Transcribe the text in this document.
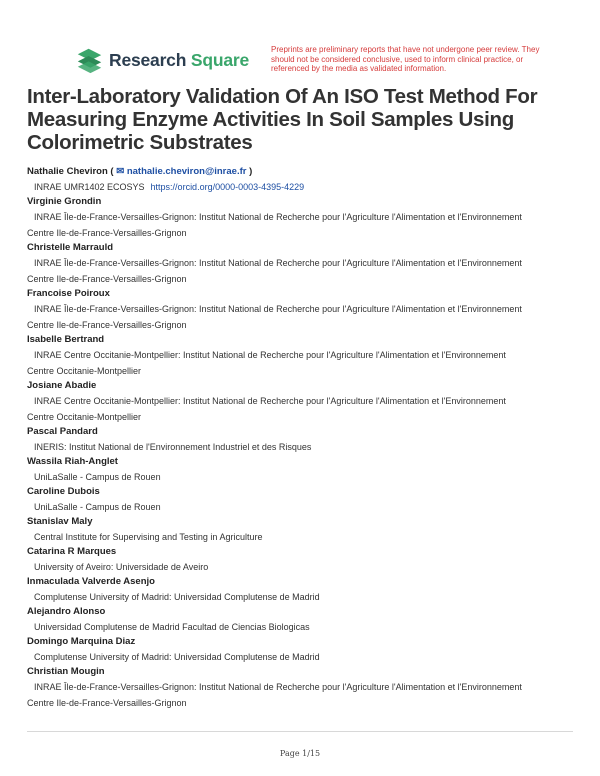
Research Square
Preprints are preliminary reports that have not undergone peer review. They should not be considered conclusive, used to inform clinical practice, or referenced by the media as validated information.
Inter-Laboratory Validation Of An ISO Test Method For Measuring Enzyme Activities In Soil Samples Using Colorimetric Substrates
Nathalie Cheviron ( ✉ nathalie.cheviron@inrae.fr )
INRAE UMR1402 ECOSYS https://orcid.org/0000-0003-4395-4229
Virginie Grondin
INRAE Île-de-France-Versailles-Grignon: Institut National de Recherche pour l'Agriculture l'Alimentation et l'Environnement
Centre Ile-de-France-Versailles-Grignon
Christelle Marrauld
INRAE Île-de-France-Versailles-Grignon: Institut National de Recherche pour l'Agriculture l'Alimentation et l'Environnement
Centre Ile-de-France-Versailles-Grignon
Francoise Poiroux
INRAE Île-de-France-Versailles-Grignon: Institut National de Recherche pour l'Agriculture l'Alimentation et l'Environnement
Centre Ile-de-France-Versailles-Grignon
Isabelle Bertrand
INRAE Centre Occitanie-Montpellier: Institut National de Recherche pour l'Agriculture l'Alimentation et l'Environnement
Centre Occitanie-Montpellier
Josiane Abadie
INRAE Centre Occitanie-Montpellier: Institut National de Recherche pour l'Agriculture l'Alimentation et l'Environnement
Centre Occitanie-Montpellier
Pascal Pandard
INERIS: Institut National de l'Environnement Industriel et des Risques
Wassila Riah-Anglet
UniLaSalle - Campus de Rouen
Caroline Dubois
UniLaSalle - Campus de Rouen
Stanislav Maly
Central Institute for Supervising and Testing in Agriculture
Catarina R Marques
University of Aveiro: Universidade de Aveiro
Inmaculada Valverde Asenjo
Complutense University of Madrid: Universidad Complutense de Madrid
Alejandro Alonso
Universidad Complutense de Madrid Facultad de Ciencias Biologicas
Domingo Marquina Diaz
Complutense University of Madrid: Universidad Complutense de Madrid
Christian Mougin
INRAE Île-de-France-Versailles-Grignon: Institut National de Recherche pour l'Agriculture l'Alimentation et l'Environnement
Centre Ile-de-France-Versailles-Grignon
Page 1/15
